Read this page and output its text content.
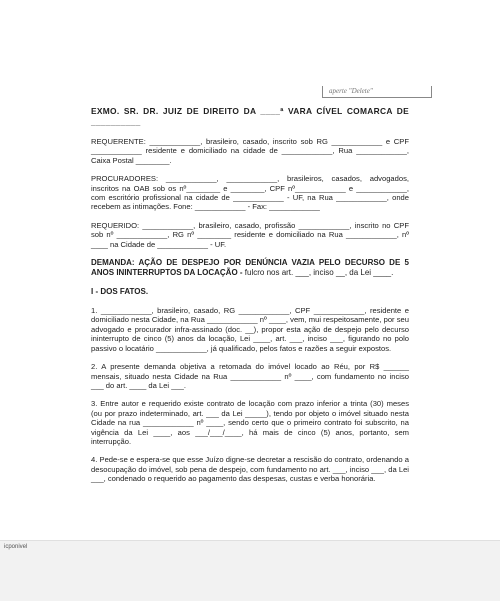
aperte "Delete"

EXMO. SR. DR. JUIZ DE DIREITO DA ____ª VARA CÍVEL COMARCA DE __________

REQUERENTE: ____________, brasileiro, casado, inscrito sob RG ____________ e CPF ____________ residente e domiciliado na cidade de ____________, Rua ____________, Caixa Postal ________.

PROCURADORES: ____________, ____________, brasileiros, casados, advogados, inscritos na OAB sob os nº________ e ________, CPF nº____________ e ____________, com escritório profissional na cidade de ____________ - UF, na Rua ____________, onde recebem as intimações. Fone: ____________ - Fax: ____________

REQUERIDO: ____________, brasileiro, casado, profissão ____________, inscrito no CPF sob nº ____________, RG nº ________ residente e domiciliado na Rua ____________, nº ____ na Cidade de ____________ - UF.

DEMANDA: AÇÃO DE DESPEJO POR DENÚNCIA VAZIA PELO DECURSO DE 5 ANOS ININTERRUPTOS DA LOCAÇÃO - fulcro nos art. ___, inciso __, da Lei ____.

I - DOS FATOS.

1. ____________, brasileiro, casado, RG ____________, CPF ____________, residente e domiciliado nesta Cidade, na Rua ____________ nº ____, vem, mui respeitosamente, por seu advogado e procurador infra-assinado (doc. __), propor esta ação de despejo pelo decurso ininterrupto de cinco (5) anos da locação, Lei ____, art. ___, inciso ___, figurando no polo passivo o locatário ____________, já qualificado, pelos fatos e razões a seguir expostos.

2. A presente demanda objetiva a retomada do imóvel locado ao Réu, por R$ ______ mensais, situado nesta Cidade na Rua ____________ nº ____, com fundamento no inciso ___ do art. ____ da Lei ___.

3. Entre autor e requerido existe contrato de locação com prazo inferior a trinta (30) meses (ou por prazo indeterminado, art. ___ da Lei _____), tendo por objeto o imóvel situado nesta Cidade na rua ____________ nº ____, sendo certo que o primeiro contrato foi subscrito, na vigência da Lei ____, aos ___/___/____, há mais de cinco (5) anos, portanto, sem interrupção.

4. Pede-se e espera-se que esse Juízo digne-se decretar a rescisão do contrato, ordenando a desocupação do imóvel, sob pena de despejo, com fundamento no art. ___, inciso ___, da Lei ___, condenado o requerido ao pagamento das despesas, custas e verba honorária.

icponivel
